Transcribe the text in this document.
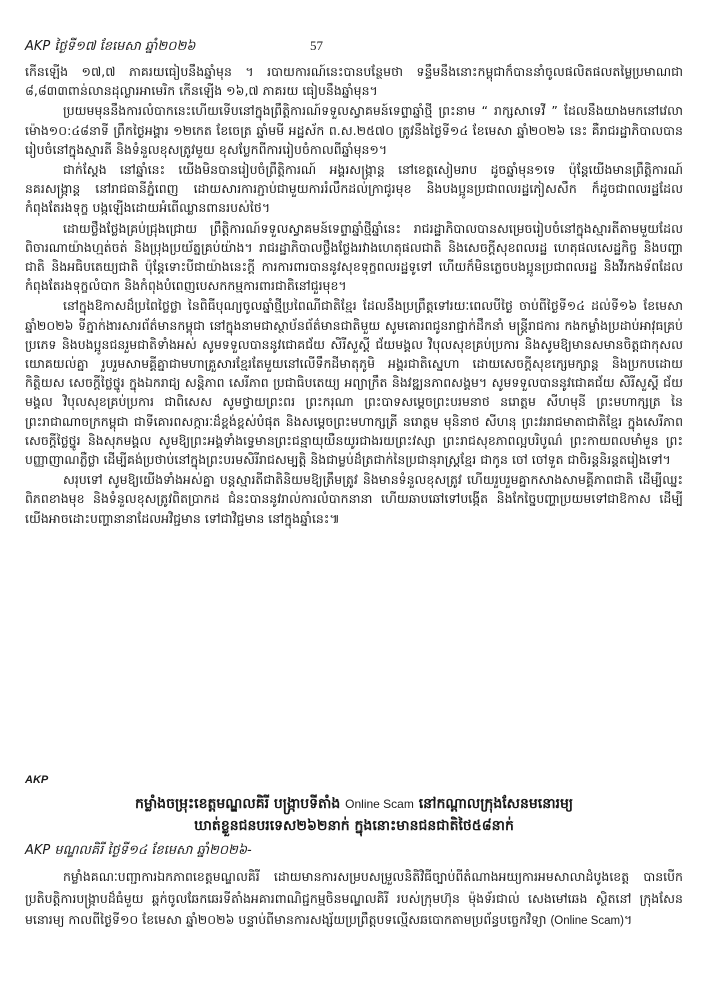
AKP ថ្ងៃទី១៧ ខែមេសា ឆ្នាំ២០២៦	57

កើនឡើង ១៧,៧ ភាគរយធៀបនឹងឆ្នាំមុន ។ របាយការណ៍នេះបានបន្ថែមថា ទន្ទឹមនឹងនោះកម្ពុជាក៏បាននាំចូលផលិតផលតម្លៃប្រមាណជា ៨,៨៣៣ពាន់លានដុល្លារអាមេរិក កើនឡើង ១៦,៧ ភាគរយ ធៀបនឹងឆ្នាំមុន។

ប្រយមមុននឹងការលំបាកនេះហើយទើបនៅក្នុងព្រឹត្តិការណ៍ទទួលស្វាគមន៍ទេព្ទាឆ្នាំថ្មី ព្រះនាម “ រាក្សសាទេវី ” ដែលនឹងយាងមកនៅវេលាម៉ោង១០:៤៨នាទី ព្រឹកថ្ងៃអង្គារ ១២កេត ខែចេត្រ ឆ្នាំមមី អដ្ឋស័ក ព.ស.២៥៧០ ត្រូវនឹងថ្ងៃទី១៤ ខែមេសា ឆ្នាំ២០២៦ នេះ គឺរាជរដ្ឋាភិបាលបានរៀបចំនៅក្នុងស្មារតី និងទំនួលខុសត្រូវមួយ ខុសប្លែកពីការរៀបចំកាលពីឆ្នាំមុន១។

ជាក់ស្តែង នៅឆ្នាំនេះ យើងមិនបានរៀបចំព្រឹត្តិការណ៍ អង្គរសង្ក្រាន្ត នៅខេត្តសៀមរាប ដូចឆ្នាំមុន១ទេ ប៉ុន្តែយើងមានព្រឹត្តិការណ៍ នគរសង្ក្រាន្ត នៅរាជធានីភ្នំពេញ ដោយសារការភ្ជាប់ជាមួយការរំលឹកដល់ក្រាជូរមុខ និងបងប្អូនប្រជាពលរដ្ឋភៀសសឹក ក៏ដូចជាពលរដ្ឋដែលកំពុងតែរងទុក្ខ បង្កឡើងដោយអំពើឈ្លានពានរបស់ថៃ។

ដោយថ្លឹងថ្លែងគ្រប់ជ្រុងជ្រោយ ព្រឹត្តិការណ៍ទទួលស្វាគមន៍ទេព្ទាឆ្នាំថ្មីឆ្នាំនេះ រាជរដ្ឋាភិបាលបានសម្រេចរៀបចំនៅក្នុងស្មារតីតាមមួយដែលពិចារណាយ៉ាងហ្មត់ចត់ និងប្រុងប្រយ័ត្នគ្រប់យ៉ាង។ រាជរដ្ឋាភិបាលថ្លឹងថ្លែងរវាងហេតុផលជាតិ និងសេចក្តីសុខពលរដ្ឋ ហេតុផលសេដ្ឋកិច្ច និងបញ្ហាជាតិ និងអធិបតេយ្យជាតិ ប៉ុន្តែទោះបីជាយ៉ាងនេះក្តី ការការពារបាននូវសុខទុក្ខពលរដ្ឋទូទៅ ហើយក៏មិនភ្លេចបងប្អូនប្រជាពលរដ្ឋ និងវីរកងទ័ពដែលកំពុងតែរងទុក្ខលំបាក និងកំពុងបំពេញបេសកកម្មការពារជាតិនៅជួរមុខ។

នៅក្នុងឱកាសដ៏ប្រពៃថ្លៃថ្លា នៃពិធីបុណ្យចូលឆ្នាំថ្មីប្រពៃណីជាតិខ្មែរ ដែលនឹងប្រព្រឹត្តទៅរយៈពេលបីថ្ងៃ ចាប់ពីថ្ងៃទី១៤ ដល់ទី១៦ ខែមេសា ឆ្នាំ២០២៦ ទីភ្នាក់ងារសារព័ត៌មានកម្ពុជា នៅក្នុងនាមជាស្ថាប័នព័ត៌មានជាតិមួយ សូមគោរពជូនរាជ្ជាក់ដឹកនាំ មន្ត្រីរាជការ កងកម្លាំងប្រដាប់អាវុធគ្រប់ប្រភេទ និងបងប្អូនជនរួមជាតិទាំងអស់ សូមទទួលបាននូវជោគជ័យ សិរីសួស្តី ជ័យមង្គល វិបុលសុខគ្រប់ប្រការ និងសូមឱ្យមានសមានចិត្តជាកុសល យោគយល់គ្នា រួបរួមសាមគ្គីគ្នាជាមហាគ្រួសារខ្មែរតែមួយនៅលើទឹកដីមាតុភូមិ អង្គរជាតិស្នេហា ដោយសេចក្តីសុខក្សេមក្សាន្ត និងប្រកបដោយកិត្តិយស សេចក្តីថ្លៃថ្នូរ ក្នុងឯករាជ្យ សន្តិភាព សេរីភាព ប្រជាធិបតេយ្យ អព្យាក្រឹត និងវឌ្ឍនភាពសង្គម។ សូមទទួលបាននូវជោគជ័យ សិរីសួស្តី ជ័យមង្គល វិបុលសុខគ្រប់ប្រការ ជាពិសេស សូមថ្វាយព្រះពរ ព្រះករុណា ព្រះបាទសម្តេចព្រះបរមនាថ នរោត្តម សីហមុនី ព្រះមហាក្សត្រ នៃព្រះរាជាណាចក្រកម្ពុជា ជាទីគោរពសក្ការៈដ៏ខ្ពង់ខ្ពស់បំផុត និងសម្តេចព្រះមហាក្សត្រី នរោត្តម មុនិនាថ សីហនុ ព្រះវររាជមាតាជាតិខ្មែរ ក្នុងសេរីភាព សេចក្តីថ្លៃថ្នូរ និងសុភមង្គល សូមឱ្យព្រះអង្គទាំងទ្វេមានព្រះជន្មាយុយឺនយូរជាងរយព្រះវស្សា ព្រះរាជសុខភាពល្អបរិបូណ៌ ព្រះកាយពលមាំមួន ព្រះបញ្ញាញាណភ្លឺថ្លា ដើម្បីគង់ប្រថាប់នៅក្នុងព្រះបរមសិរីរាជសម្បត្តិ និងជាម្លប់ដ៏ត្រជាក់នៃប្រជានុរាស្ត្រខ្មែរ ជាកូន ចៅ ចៅទួត ជាចិរន្តនិរន្តតរៀងទៅ។

សរុបទៅ សូមឱ្យយើងទាំងអស់គ្នា បន្តស្មារតីជាតិនិយមឱ្យត្រឹមត្រូវ និងមានទំនួលខុសត្រូវ ហើយរួបរួមគ្នាកសាងសាមគ្គីភាពជាតិ ដើម្បីឈ្នះពិភពខាងមុខ និងទំនួលខុសត្រូវពិតប្រាកដ ជំនះបាននូវរាល់ការលំបាកនានា ហើយឆាបឆៅទៅបង្កើត និងកែច្នៃបញ្ហាប្រយមទៅជាឱកាស ដើម្បីយើងអាចដោះបញ្ហានានាដែលអវិជ្ជមាន ទៅជាវិជ្ជមាន នៅក្នុងឆ្នាំនេះ៕

AKP
កម្លាំងចម្រុះខេត្តមណ្ឌលគិរី បង្ក្រាបទីតាំង Online Scam នៅកណ្តាលក្រុងសែនមនោរម្យ
ឃាត់ខ្លួនជនបរទេស២៦២នាក់ ក្នុងនោះមានជនជាតិថៃ៥៨នាក់
AKP មណ្ឌលគិរី ថ្ងៃទី១៤ ខែមេសា ឆ្នាំ២០២៦-

កម្លាំងគណៈបញ្ជាការឯកភាពខេត្តមណ្ឌលគិរី ដោយមានការសម្របសម្រួលនិតិវិធីច្បាប់ពីតំណាងអយ្យការអមសាលាដំបូងខេត្ត បានបើកប្រតិបត្តិការបង្ក្រាបដ៏ធំមួយ ឆ្ពក់ចូលឆែកឆេរទីតាំងអគារពាណិជ្ជកម្មចិនមណ្ឌលគិរី របស់ក្រុមហ៊ុន ម៉ុងទ័រជាល់ សេងមៅឆេង ស្ថិតនៅ ក្រុងសែនមនោរម្យ កាលពីថ្ងៃទី១០ ខែមេសា ឆ្នាំ២០២៦ បន្ទាប់ពីមានការសង្ស័យប្រព្រឹត្តបទល្មើសឆបោកតាមប្រព័ន្ធបច្ចេកវិទ្យា (Online Scam)។
